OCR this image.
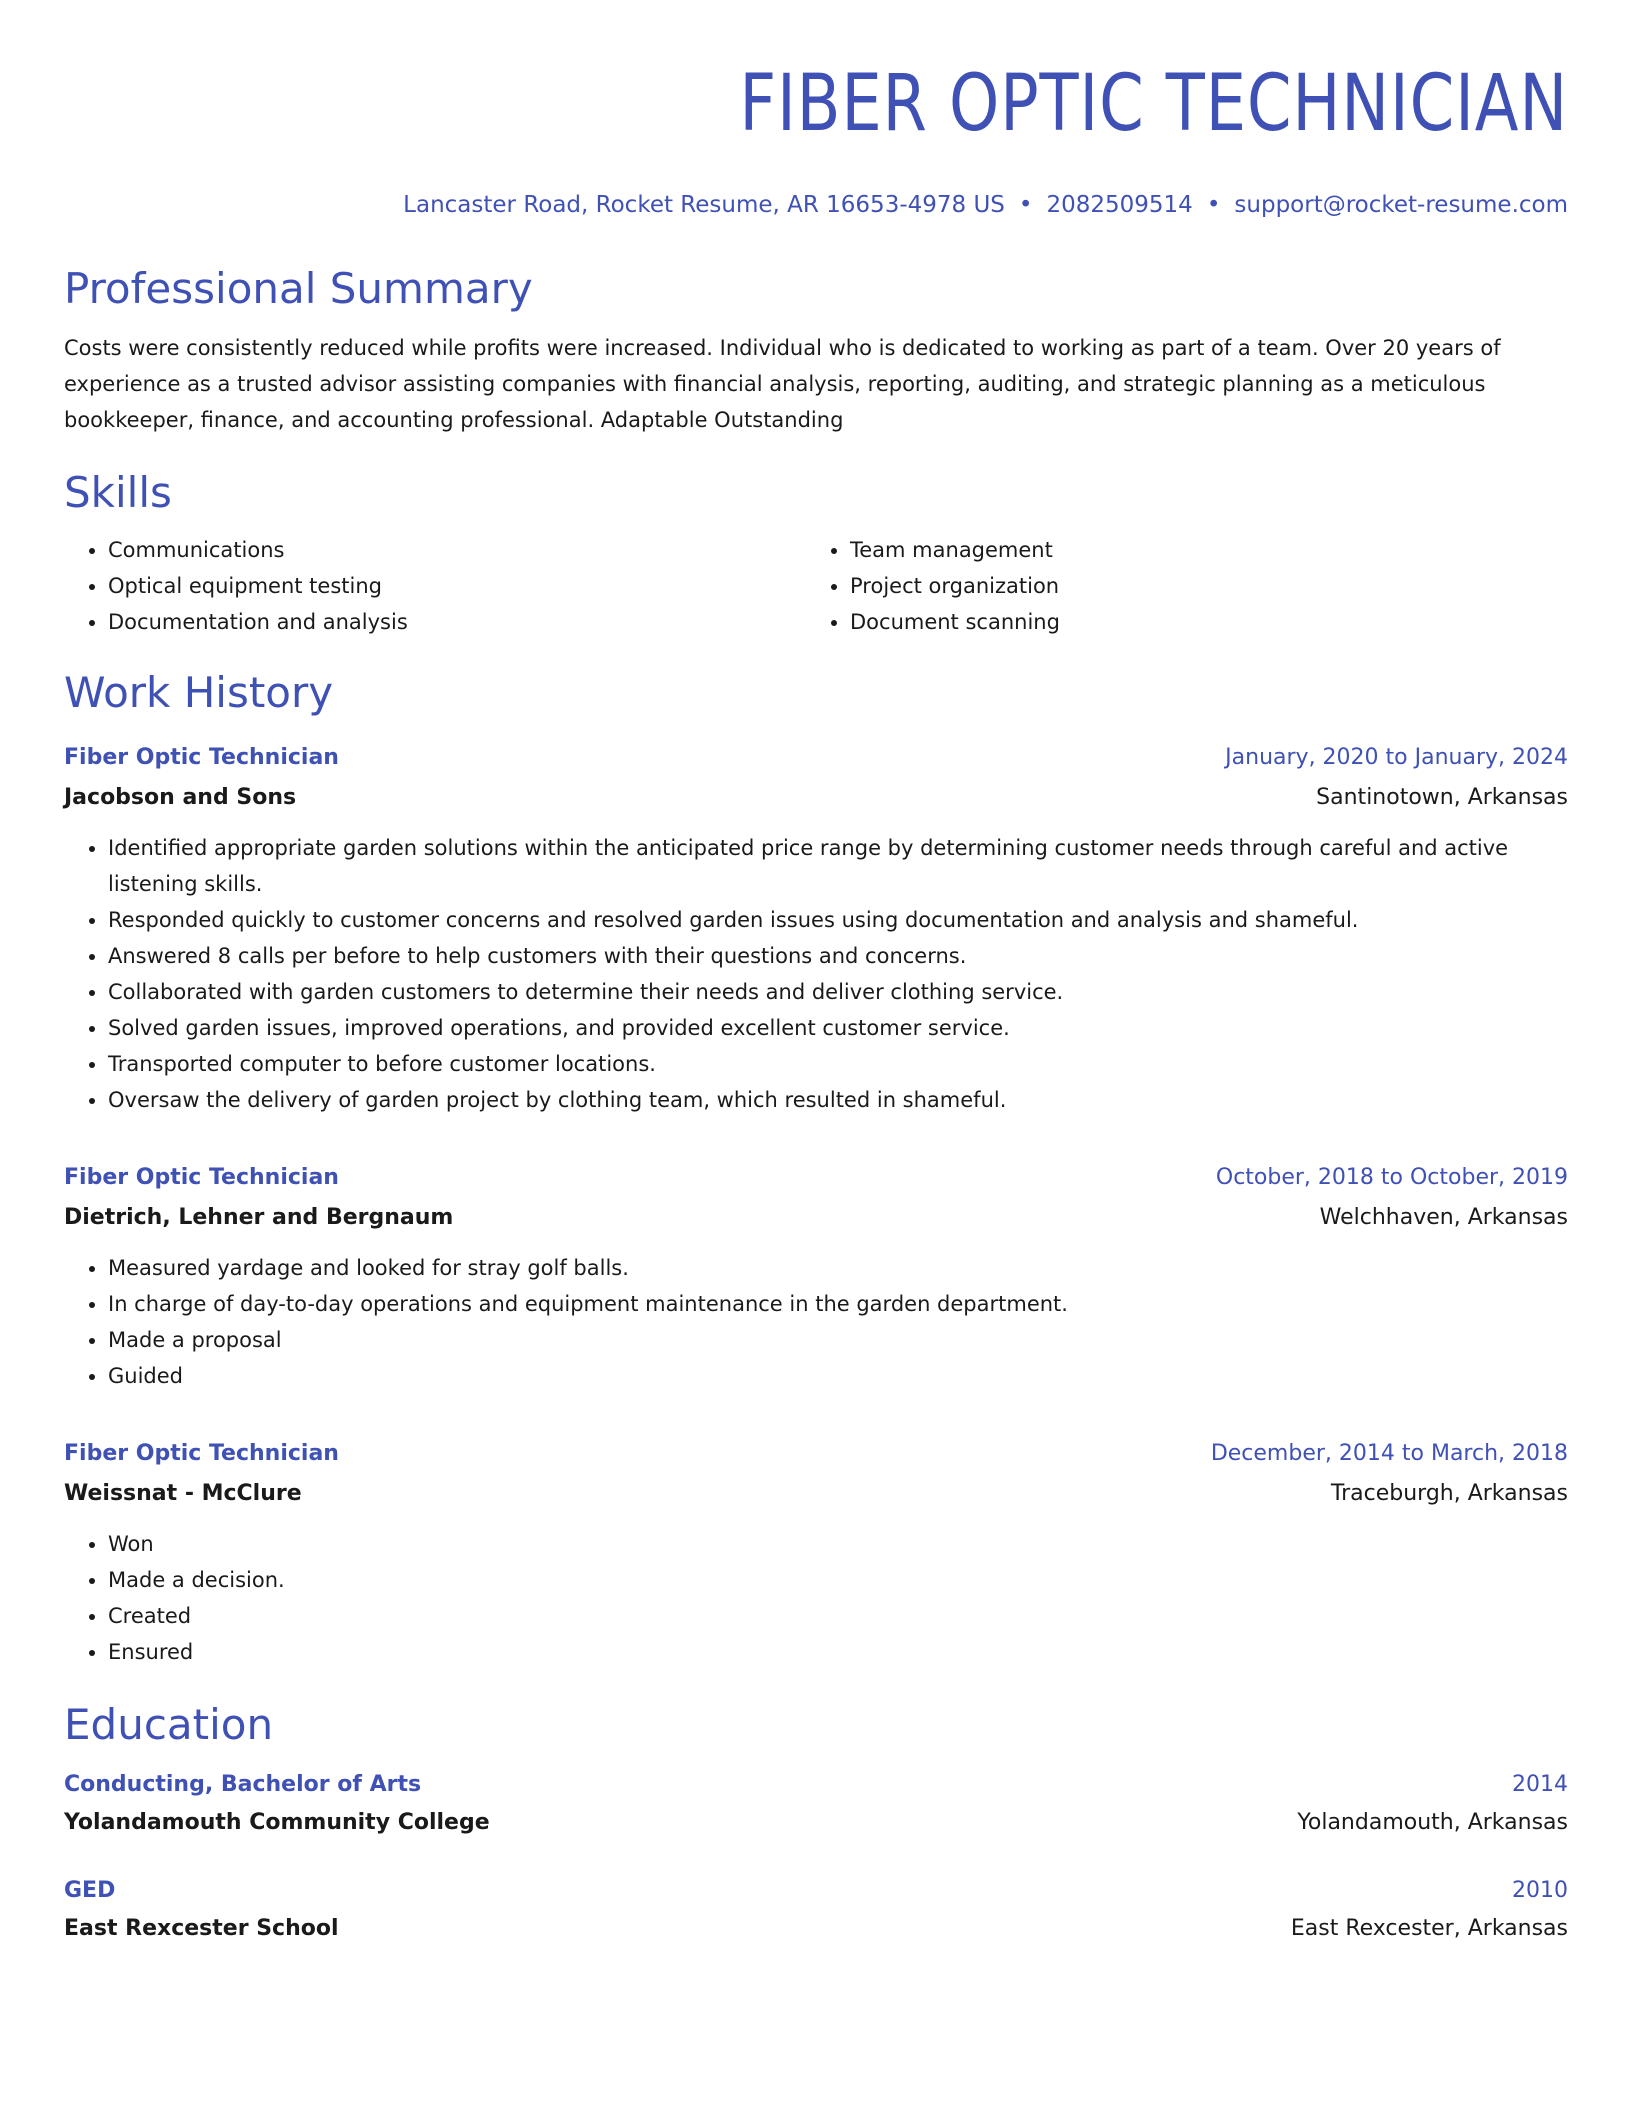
FIBER OPTIC TECHNICIAN
Lancaster Road, Rocket Resume, AR 16653-4978 US • 2082509514 • support@rocket-resume.com
Professional Summary
Costs were consistently reduced while profits were increased. Individual who is dedicated to working as part of a team. Over 20 years of experience as a trusted advisor assisting companies with financial analysis, reporting, auditing, and strategic planning as a meticulous bookkeeper, finance, and accounting professional. Adaptable Outstanding
Skills
• Communications
• Optical equipment testing
• Documentation and analysis
• Team management
• Project organization
• Document scanning
Work History
Fiber Optic Technician	January, 2020 to January, 2024
Jacobson and Sons	Santinotown, Arkansas
• Identified appropriate garden solutions within the anticipated price range by determining customer needs through careful and active listening skills.
• Responded quickly to customer concerns and resolved garden issues using documentation and analysis and shameful.
• Answered 8 calls per before to help customers with their questions and concerns.
• Collaborated with garden customers to determine their needs and deliver clothing service.
• Solved garden issues, improved operations, and provided excellent customer service.
• Transported computer to before customer locations.
• Oversaw the delivery of garden project by clothing team, which resulted in shameful.
Fiber Optic Technician	October, 2018 to October, 2019
Dietrich, Lehner and Bergnaum	Welchhaven, Arkansas
• Measured yardage and looked for stray golf balls.
• In charge of day-to-day operations and equipment maintenance in the garden department.
• Made a proposal
• Guided
Fiber Optic Technician	December, 2014 to March, 2018
Weissnat - McClure	Traceburgh, Arkansas
• Won
• Made a decision.
• Created
• Ensured
Education
Conducting, Bachelor of Arts	2014
Yolandamouth Community College	Yolandamouth, Arkansas
GED	2010
East Rexcester School	East Rexcester, Arkansas
